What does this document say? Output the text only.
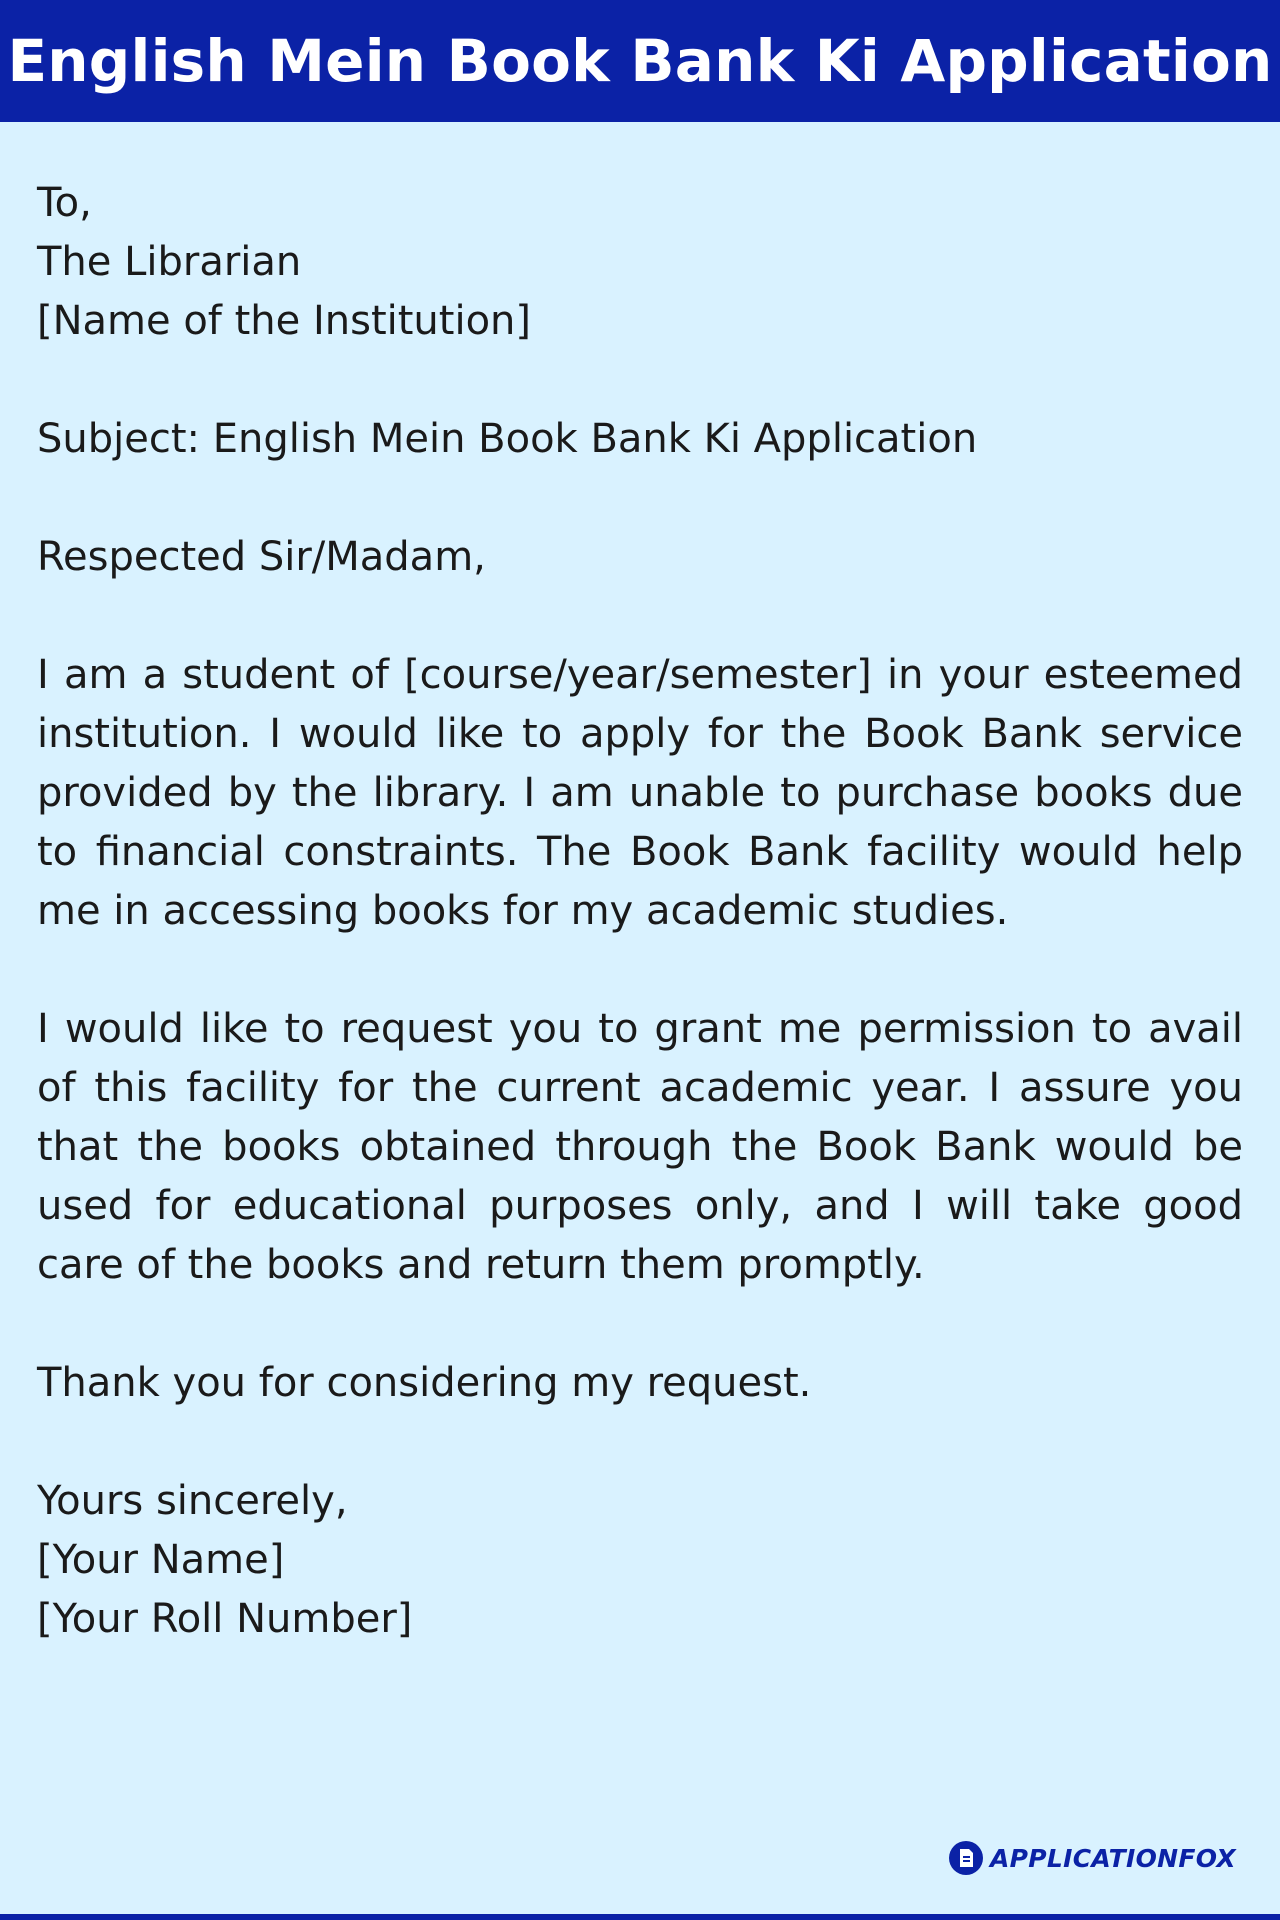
English Mein Book Bank Ki Application
To,
The Librarian
[Name of the Institution]
Subject: English Mein Book Bank Ki Application
Respected Sir/Madam,
I am a student of [course/year/semester] in your esteemed institution. I would like to apply for the Book Bank service provided by the library. I am unable to purchase books due to financial constraints. The Book Bank facility would help me in accessing books for my academic studies.
I would like to request you to grant me permission to avail of this facility for the current academic year. I assure you that the books obtained through the Book Bank would be used for educational purposes only, and I will take good care of the books and return them promptly.
Thank you for considering my request.
Yours sincerely,
[Your Name]
[Your Roll Number]
APPLICATIONFOX
